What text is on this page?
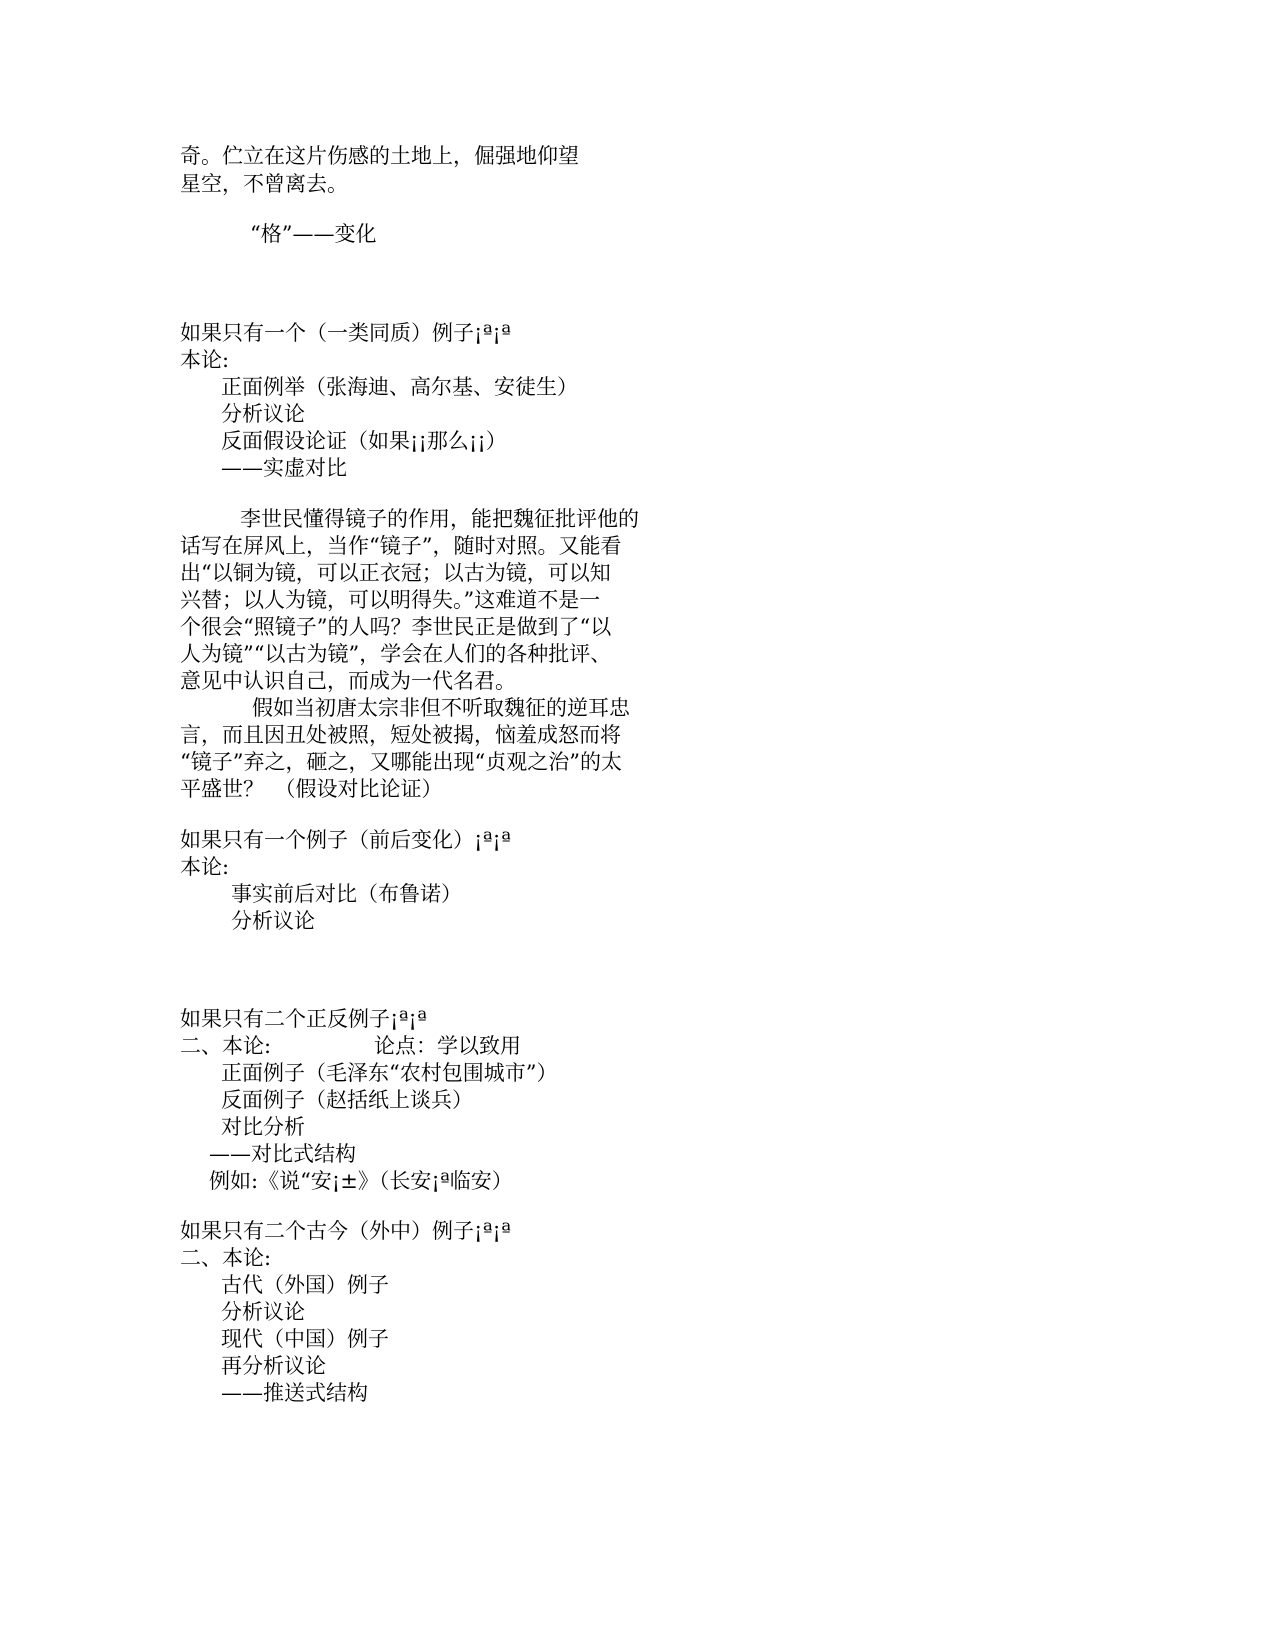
奇。伫立在这片伤感的土地上，倔强地仰望
星空，不曾离去。
“格”——变化
如果只有一个（一类同质）例子¡ª¡ª
本论:
正面例举（张海迪、高尔基、安徒生）
分析议论
反面假设论证（如果¡¡那么¡¡）
——实虚对比
李世民懂得镜子的作用，能把魏征批评他的
话写在屏风上，当作“镜子”，随时对照。又能看
出“以铜为镜，可以正衣冠；以古为镜，可以知
兴替；以人为镜，可以明得失。”这难道不是一
个很会“照镜子”的人吗？李世民正是做到了“以
人为镜”“以古为镜”，学会在人们的各种批评、
意见中认识自己，而成为一代名君。
假如当初唐太宗非但不听取魏征的逆耳忠
言，而且因丑处被照，短处被揭，恼羞成怒而将
“镜子”弃之，砸之，又哪能出现“贞观之治”的太
平盛世？　（假设对比论证）
如果只有一个例子（前后变化）¡ª¡ª
本论:
事实前后对比（布鲁诺）
分析议论
如果只有二个正反例子¡ª¡ª
二、本论:	论点：学以致用
正面例子（毛泽东“农村包围城市”）
反面例子（赵括纸上谈兵）
对比分析
——对比式结构
例如:《说“安¡±》（长安¡ª临安）
如果只有二个古今（外中）例子¡ª¡ª
二、本论:
古代（外国）例子
分析议论
现代（中国）例子
再分析议论
——推送式结构
